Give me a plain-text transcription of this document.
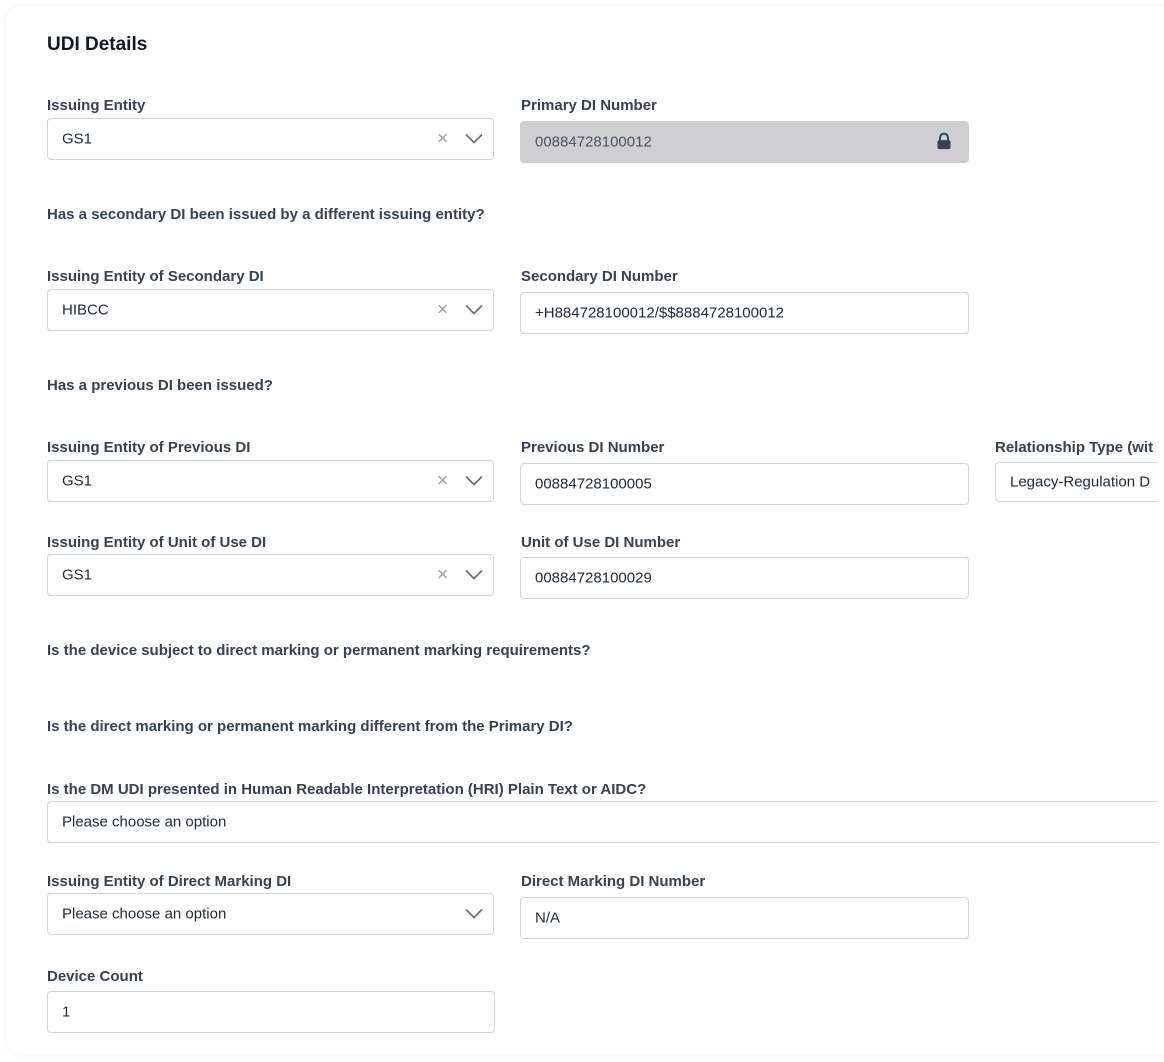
UDI Details
Issuing Entity
GS1	✕
Primary DI Number
00884728100012
Has a secondary DI been issued by a different issuing entity?
Issuing Entity of Secondary DI
HIBCC	✕
Secondary DI Number
+H884728100012/$$8884728100012
Has a previous DI been issued?
Issuing Entity of Previous DI
GS1	✕
Previous DI Number
00884728100005
Relationship Type (wit
Legacy-Regulation D
Issuing Entity of Unit of Use DI
GS1	✕
Unit of Use DI Number
00884728100029
Is the device subject to direct marking or permanent marking requirements?
Is the direct marking or permanent marking different from the Primary DI?
Is the DM UDI presented in Human Readable Interpretation (HRI) Plain Text or AIDC?
Please choose an option
Issuing Entity of Direct Marking DI
Please choose an option
Direct Marking DI Number
N/A
Device Count
1
